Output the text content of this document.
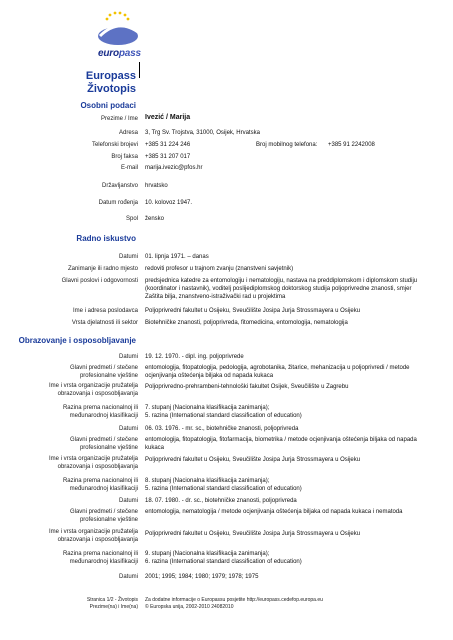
europass
Europass
Životopis
Osobni podaci
Prezime / Ime Ivezić / Marija
Adresa 3, Trg Sv. Trojstva, 31000, Osijek, Hrvatska
Telefonski brojevi +385 31 224 246	Broj mobilnog telefona: +385 91 2242008
Broj faksa +385 31 207 017
E-mail marija.ivezic@pfos.hr
Državljanstvo hrvatsko
Datum rođenja 10. kolovoz 1947.
Spol žensko
Radno iskustvo
Datumi 01. lipnja 1971. – danas
Zanimanje ili radno mjesto redoviti profesor u trajnom zvanju (znanstveni savjetnik)
Glavni poslovi i odgovornosti predsjednica katedre za entomologiju i nematologiju, nastava na preddiplomskom i diplomskom studiju
(koordinator i nastavnik), voditelj poslijediplomskog doktorskog studija poljoprivredne znanosti, smjer
Zaštita bilja, znanstveno-istraživački rad u projektima
Ime i adresa poslodavca Poljoprivredni fakultet u Osijeku, Sveučilište Josipa Jurja Strossmayera u Osijeku
Vrsta djelatnosti ili sektor Biotehničke znanosti, poljoprivreda, fitomedicina, entomologija, nematologija
Obrazovanje i osposobljavanje
Datumi 19. 12. 1970. - dipl. ing. poljoprivrede
Glavni predmeti / stečene
profesionalne vještine
entomologija, fitopatologija, pedologija, agrobotanika, žitarice, mehanizacija u poljoprivredi / metode
ocjenjivanja oštećenja biljaka od napada kukaca
Ime i vrsta organizacije pružatelja
obrazovanja i osposobljavanja
Poljoprivredno-prehrambeni-tehnološki fakultet Osijek, Sveučilište u Zagrebu
Razina prema nacionalnoj ili
međunarodnoj klasifikaciji
7. stupanj (Nacionalna klasifikacija zanimanja);
5. razina (International standard classification of education)
Datumi 06. 03. 1976. - mr. sc., biotehničke znanosti, poljoprivreda
Glavni predmeti / stečene
profesionalne vještine
entomologija, fitopatologija, fitofarmacija, biometrika / metode ocjenjivanja oštećenja biljaka od napada
kukaca
Ime i vrsta organizacije pružatelja
obrazovanja i osposobljavanja
Poljoprivredni fakultet u Osijeku, Sveučilište Josipa Jurja Strossmayera u Osijeku
Razina prema nacionalnoj ili
međunarodnoj klasifikaciji
8. stupanj (Nacionalna klasifikacija zanimanja);
5. razina (International standard classification of education)
Datumi 18. 07. 1980. - dr. sc., biotehničke znanosti, poljoprivreda
Glavni predmeti / stečene
profesionalne vještine
entomologija, nematologija / metode ocjenjivanja oštećenja biljaka od napada kukaca i nematoda
Ime i vrsta organizacije pružatelja
obrazovanja i osposobljavanja
Poljoprivredni fakultet u Osijeku, Sveučilište Josipa Jurja Strossmayera u Osijeku
Razina prema nacionalnoj ili
međunarodnoj klasifikaciji
9. stupanj (Nacionalna klasifikacija zanimanja);
6. razina (International standard classification of education)
Datumi 2001; 1995; 1984; 1980; 1979; 1978; 1975
Stranica 1/2 - Životopis
Prezime(na) i Ime(na)
Za dodatne informacije o Europassu posjetite http://europass.cedefop.europa.eu
© Europska unija, 2002-2010 24082010
